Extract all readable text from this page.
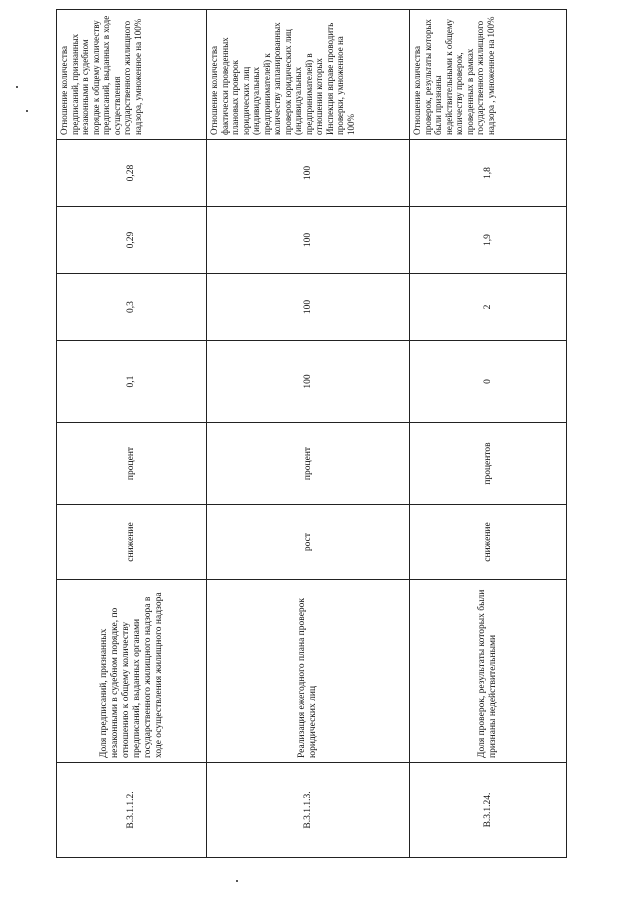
В.3.1.1.2.	Доля предписаний, признанных незаконными в судебном порядке, по отношению к общему количеству предписаний, выданных органами государственного жилищного надзора в ходе осуществления жилищного надзора	снижение	процент	0,1	0,3	0,29	0,28	Отношение количества предписаний, признанных незаконными в судебном порядке к общему количеству предписаний, выданных в ходе осуществления государственного жилищного надзора, умноженное на 100%
В.3.1.1.3.	Реализация ежегодного плана проверок юридических лиц	рост	процент	100	100	100	100	Отношение количества фактически проведенных плановых проверок юридических лиц (индивидуальных предпринимателей) к количеству запланированных проверок юридических лиц (индивидуальных предпринимателей) в отношении которых Инспекция вправе проводить проверки, умноженное на 100%
В.3.1.24.	Доля проверок, результаты которых были признаны недействительными	снижение	процентов	0	2	1,9	1,8	Отношение количества проверок, результаты которых были признаны недействительными к общему количеству проверок, проведенных в рамках государственного жилищного надзора , умноженное на 100%
